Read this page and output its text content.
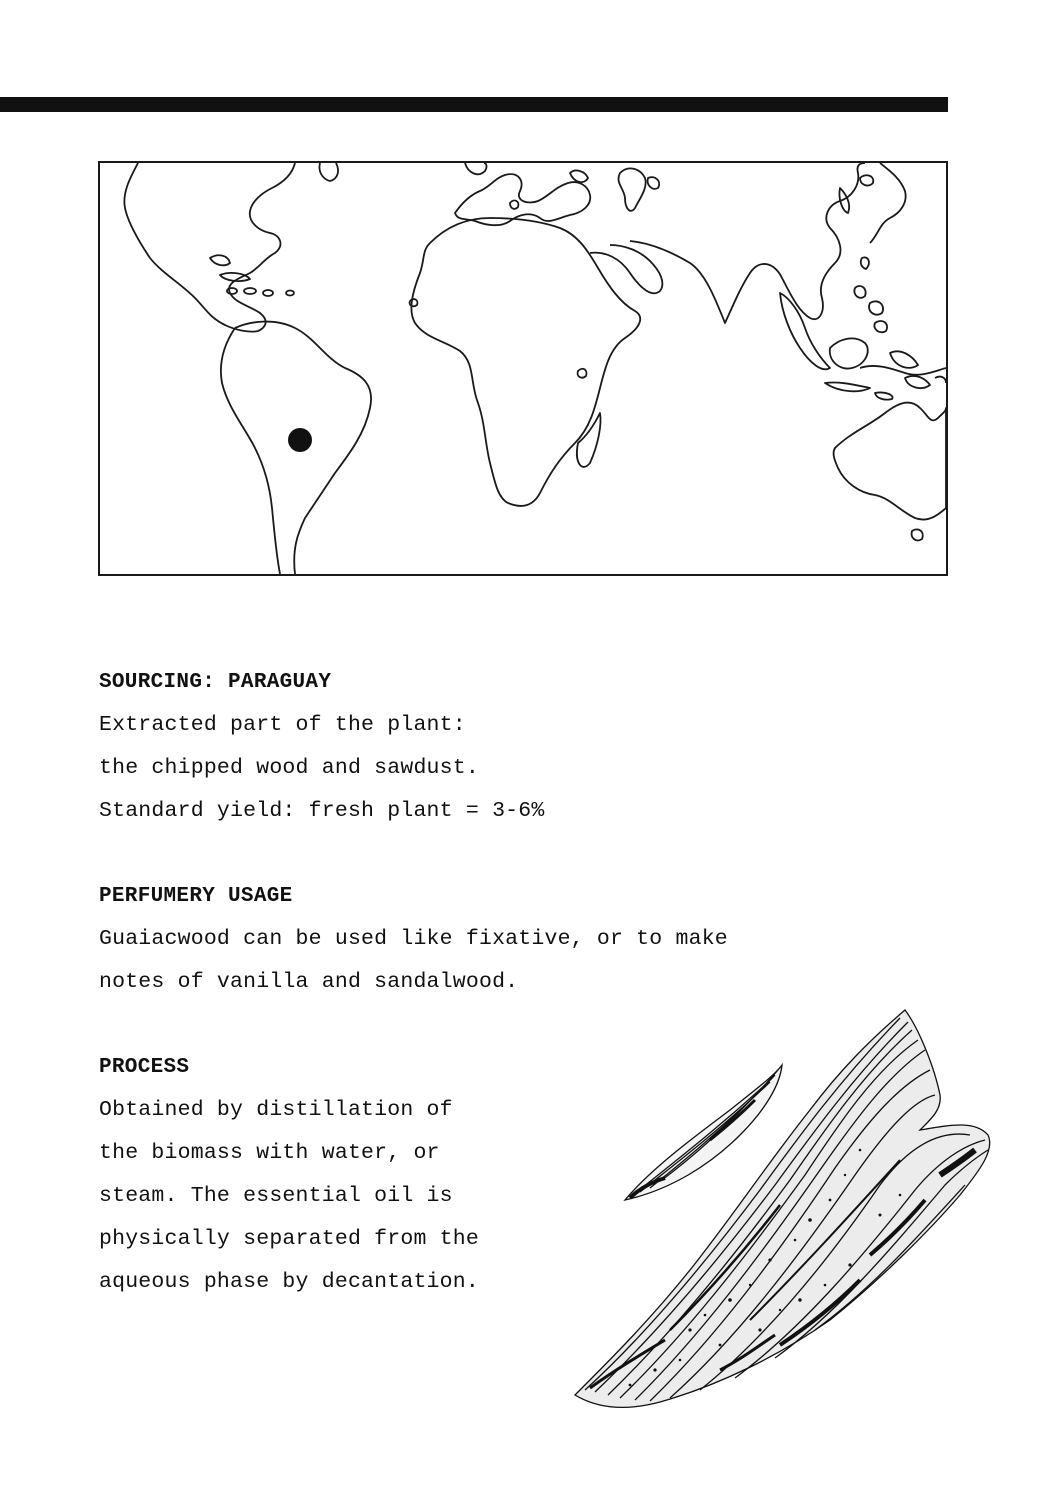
SOURCING: PARAGUAY
Extracted part of the plant:
the chipped wood and sawdust.
Standard yield: fresh plant = 3-6%
PERFUMERY USAGE
Guaiacwood can be used like fixative, or to make
notes of vanilla and sandalwood.
PROCESS
Obtained by distillation of
the biomass with water, or
steam. The essential oil is
physically separated from the
aqueous phase by decantation.
